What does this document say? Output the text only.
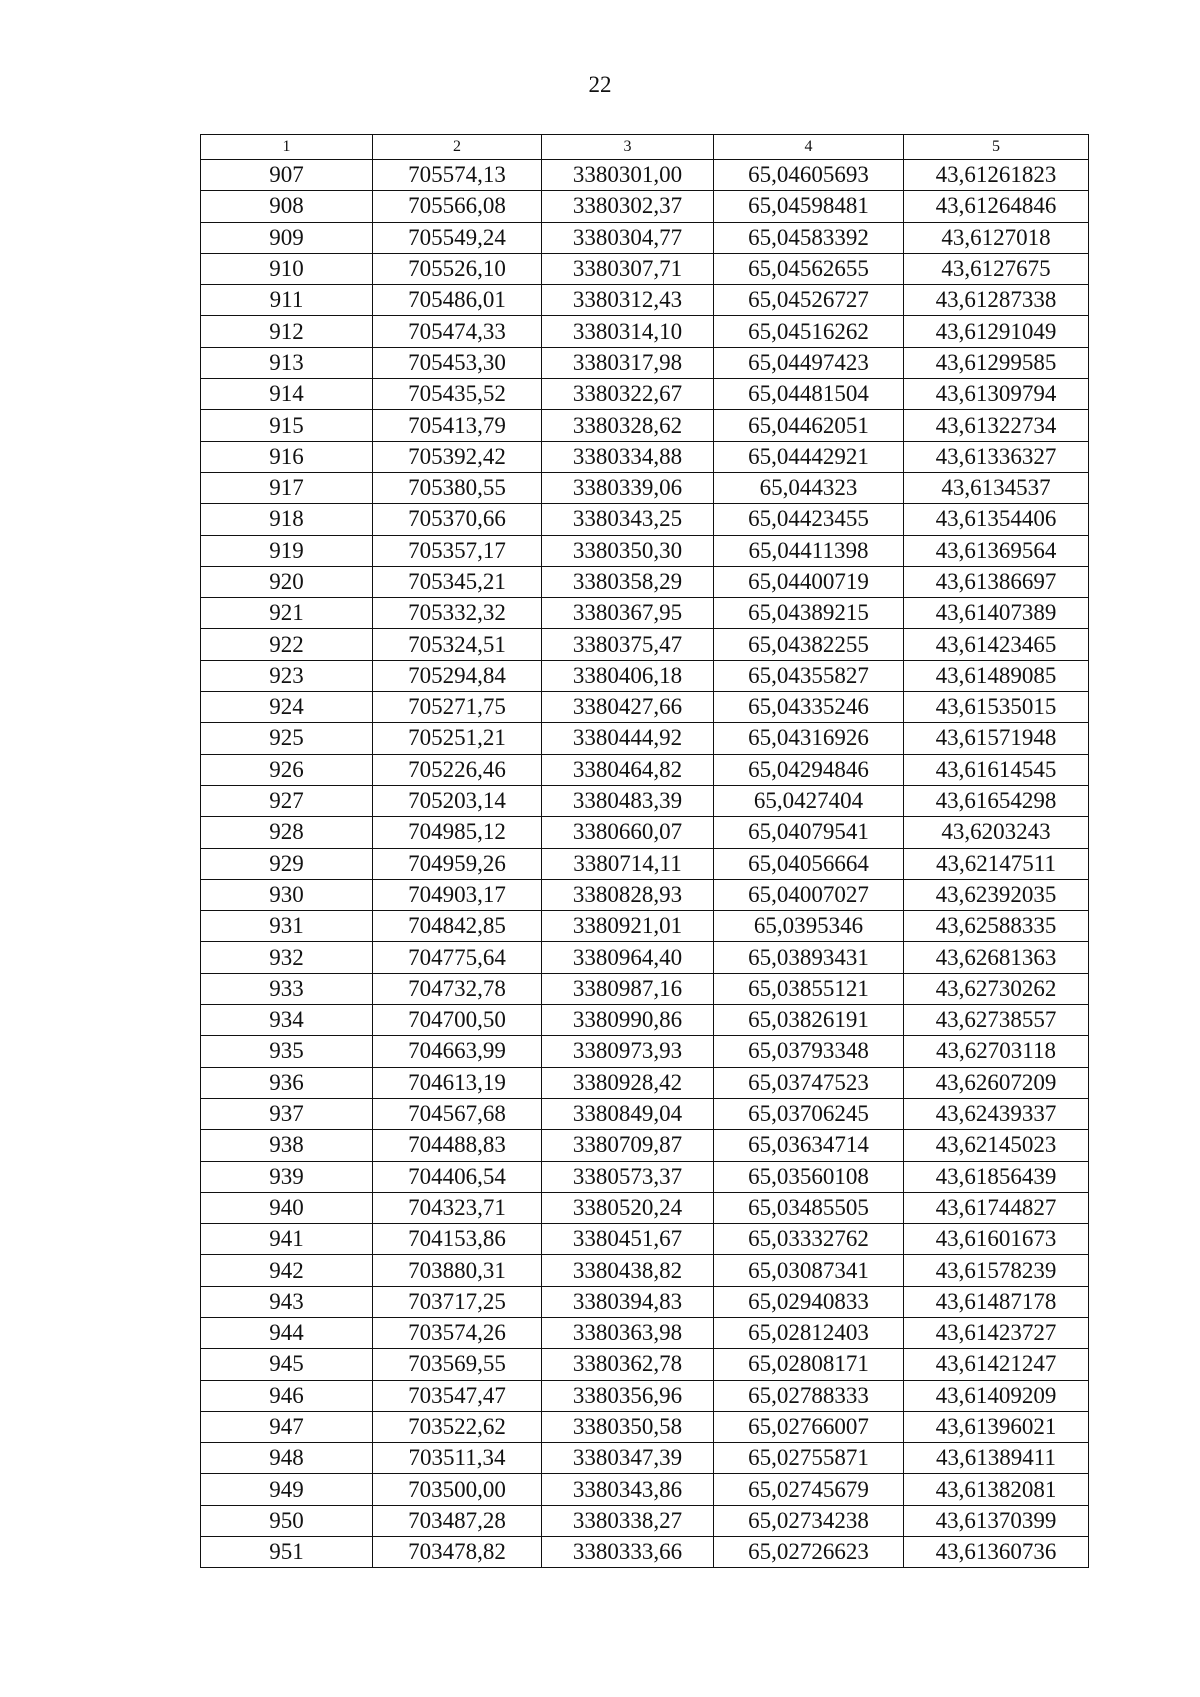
22
1	2	3	4	5
907	705574,13	3380301,00	65,04605693	43,61261823
908	705566,08	3380302,37	65,04598481	43,61264846
909	705549,24	3380304,77	65,04583392	43,6127018
910	705526,10	3380307,71	65,04562655	43,6127675
911	705486,01	3380312,43	65,04526727	43,61287338
912	705474,33	3380314,10	65,04516262	43,61291049
913	705453,30	3380317,98	65,04497423	43,61299585
914	705435,52	3380322,67	65,04481504	43,61309794
915	705413,79	3380328,62	65,04462051	43,61322734
916	705392,42	3380334,88	65,04442921	43,61336327
917	705380,55	3380339,06	65,044323	43,6134537
918	705370,66	3380343,25	65,04423455	43,61354406
919	705357,17	3380350,30	65,04411398	43,61369564
920	705345,21	3380358,29	65,04400719	43,61386697
921	705332,32	3380367,95	65,04389215	43,61407389
922	705324,51	3380375,47	65,04382255	43,61423465
923	705294,84	3380406,18	65,04355827	43,61489085
924	705271,75	3380427,66	65,04335246	43,61535015
925	705251,21	3380444,92	65,04316926	43,61571948
926	705226,46	3380464,82	65,04294846	43,61614545
927	705203,14	3380483,39	65,0427404	43,61654298
928	704985,12	3380660,07	65,04079541	43,6203243
929	704959,26	3380714,11	65,04056664	43,62147511
930	704903,17	3380828,93	65,04007027	43,62392035
931	704842,85	3380921,01	65,0395346	43,62588335
932	704775,64	3380964,40	65,03893431	43,62681363
933	704732,78	3380987,16	65,03855121	43,62730262
934	704700,50	3380990,86	65,03826191	43,62738557
935	704663,99	3380973,93	65,03793348	43,62703118
936	704613,19	3380928,42	65,03747523	43,62607209
937	704567,68	3380849,04	65,03706245	43,62439337
938	704488,83	3380709,87	65,03634714	43,62145023
939	704406,54	3380573,37	65,03560108	43,61856439
940	704323,71	3380520,24	65,03485505	43,61744827
941	704153,86	3380451,67	65,03332762	43,61601673
942	703880,31	3380438,82	65,03087341	43,61578239
943	703717,25	3380394,83	65,02940833	43,61487178
944	703574,26	3380363,98	65,02812403	43,61423727
945	703569,55	3380362,78	65,02808171	43,61421247
946	703547,47	3380356,96	65,02788333	43,61409209
947	703522,62	3380350,58	65,02766007	43,61396021
948	703511,34	3380347,39	65,02755871	43,61389411
949	703500,00	3380343,86	65,02745679	43,61382081
950	703487,28	3380338,27	65,02734238	43,61370399
951	703478,82	3380333,66	65,02726623	43,61360736
